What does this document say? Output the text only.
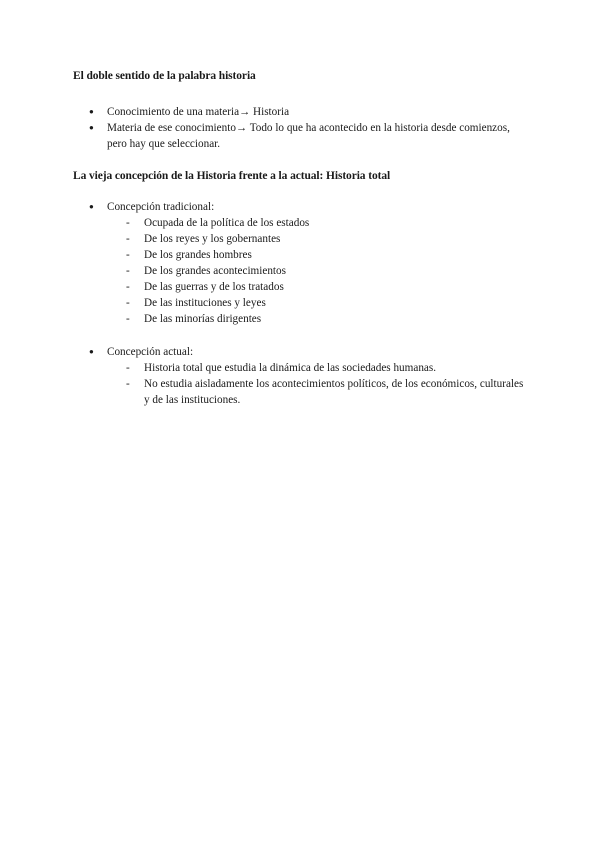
El doble sentido de la palabra historia
●	Conocimiento de una materia→ Historia
●	Materia de ese conocimiento→ Todo lo que ha acontecido en la historia desde comienzos, pero hay que seleccionar.
La vieja concepción de la Historia frente a la actual: Historia total
●	Concepción tradicional:
- Ocupada de la política de los estados
- De los reyes y los gobernantes
- De los grandes hombres
- De los grandes acontecimientos
- De las guerras y de los tratados
- De las instituciones y leyes
- De las minorías dirigentes
●	Concepción actual:
- Historia total que estudia la dinámica de las sociedades humanas.
- No estudia aisladamente los acontecimientos políticos, de los económicos, culturales y de las instituciones.
